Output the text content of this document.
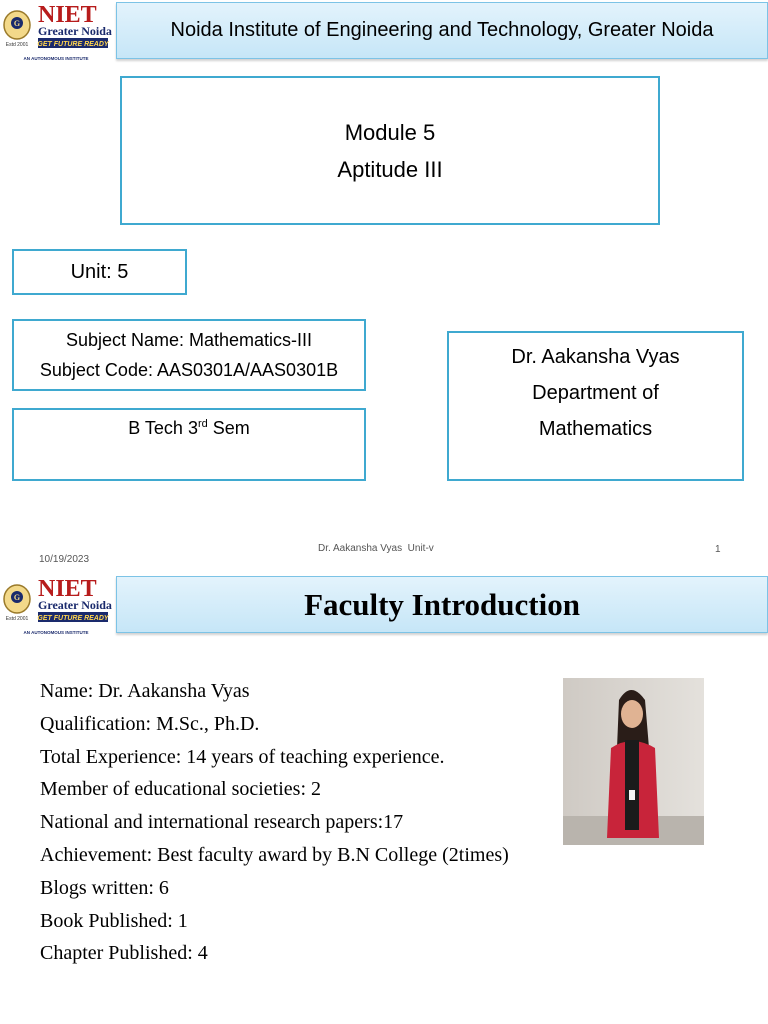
G
Estd 2001
NIET
Greater Noida
GET FUTURE READY
AN AUTONOMOUS INSTITUTE
Noida Institute of Engineering and Technology, Greater Noida
Module 5
Aptitude III
Unit: 5
Subject Name: Mathematics-III
Subject Code: AAS0301A/AAS0301B
B Tech 3rd Sem
Dr. Aakansha Vyas
Department of
Mathematics
10/19/2023
Dr. Aakansha Vyas  Unit-v	1
G
Estd 2001
NIET
Greater Noida
GET FUTURE READY
AN AUTONOMOUS INSTITUTE
Faculty Introduction
Name: Dr. Aakansha Vyas
Qualification: M.Sc., Ph.D.
Total Experience: 14 years of teaching experience.
Member of educational societies: 2
National and international research papers:17
Achievement: Best faculty award by B.N College (2times)
Blogs written: 6
Book Published: 1
Chapter Published: 4
